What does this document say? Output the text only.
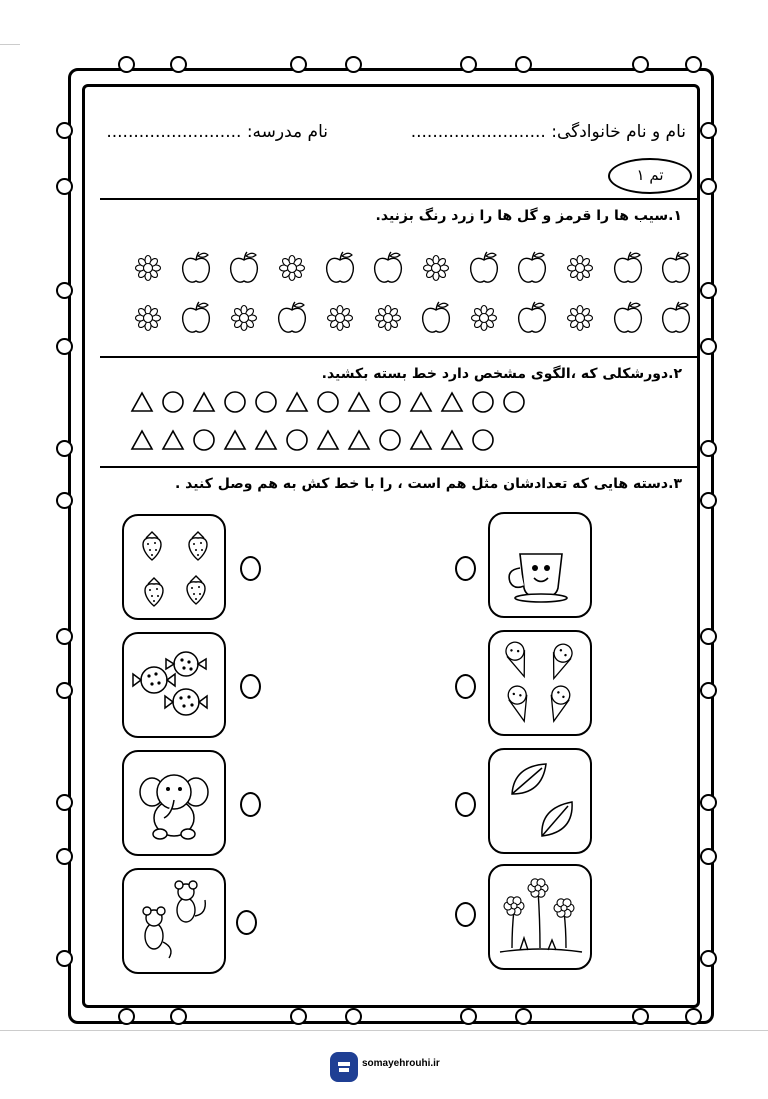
نام و نام خانوادگی: .........................
نام مدرسه: .........................
تم ۱
۱.سیب ها را قرمز و گل ها را زرد رنگ بزنید.
۲.دورشکلی که ،الگوی مشخص دارد خط بسته بکشید.
۳.دسته هایی که تعدادشان مثل هم است ، را با خط کش به هم وصل کنید .
somayehrouhi.ir
